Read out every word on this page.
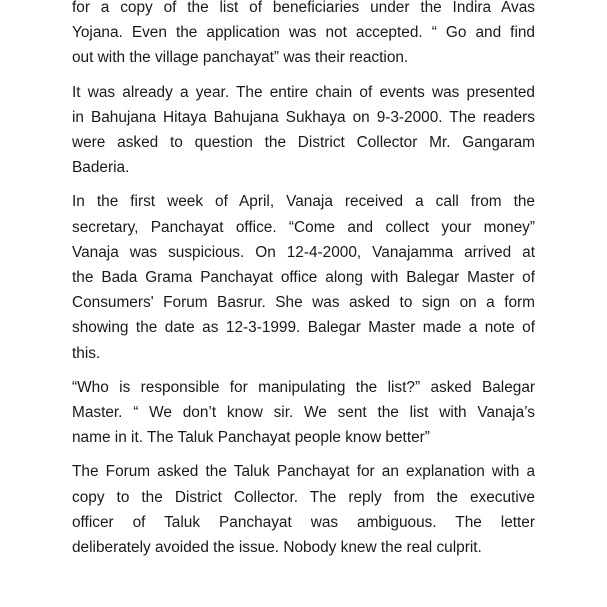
for a copy of the list of beneficiaries under the Indira Avas
Yojana. Even the application was not accepted. “ Go and find
out with the village panchayat” was their reaction.
It was already a year. The entire chain of events was presented
in Bahujana Hitaya Bahujana Sukhaya on 9-3-2000. The readers
were asked to question the District Collector Mr. Gangaram
Baderia.
In the first week of April, Vanaja received a call from the
secretary, Panchayat office. “Come and collect your money”
Vanaja was suspicious. On 12-4-2000, Vanajamma arrived at
the Bada Grama Panchayat office along with Balegar Master of
Consumers' Forum Basrur. She was asked to sign on a form
showing the date as 12-3-1999. Balegar Master made a note of
this.
“Who is responsible for manipulating the list?” asked Balegar
Master. “ We don’t know sir. We sent the list with Vanaja’s
name in it. The Taluk Panchayat people know better”
The Forum asked the Taluk Panchayat for an explanation with a
copy to the District Collector. The reply from the executive
officer of Taluk Panchayat was ambiguous. The letter
deliberately avoided the issue. Nobody knew the real culprit.
